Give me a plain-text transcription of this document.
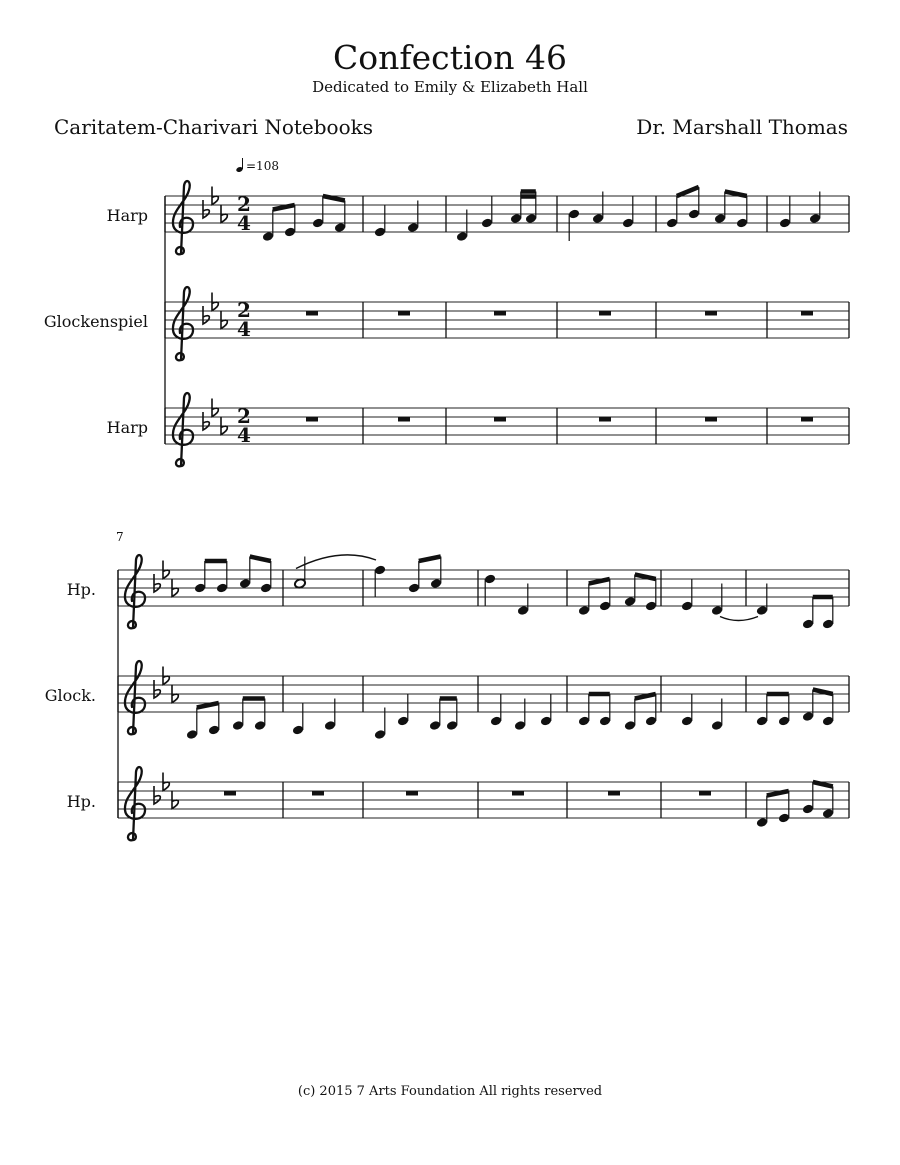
Confection 46
Dedicated to Emily & Elizabeth Hall
Caritatem-Charivari Notebooks	Dr. Marshall Thomas
=108
7
Harp
Glockenspiel
Harp
Hp.
Glock.
Hp.
2
4
2
4
2
4
(c) 2015 7 Arts Foundation All rights reserved
